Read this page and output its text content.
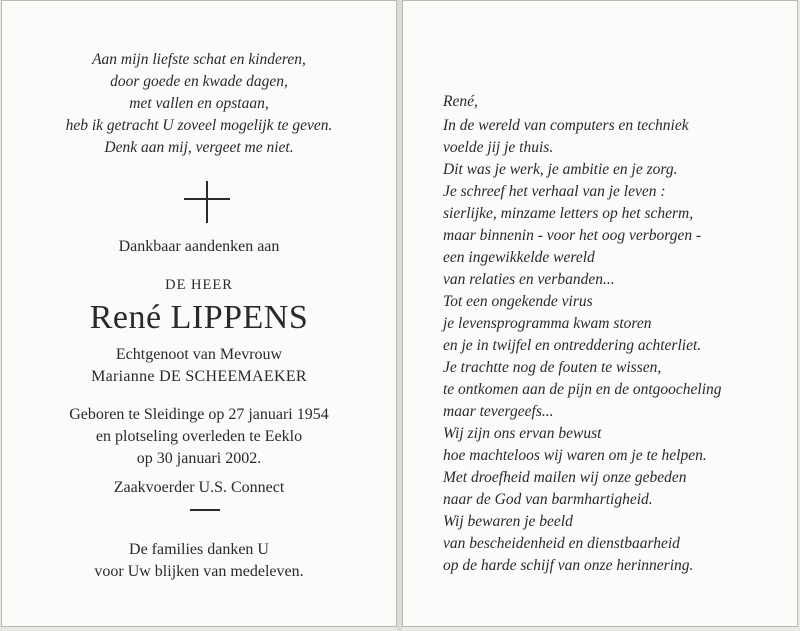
Aan mijn liefste schat en kinderen,
door goede en kwade dagen,
met vallen en opstaan,
heb ik getracht U zoveel mogelijk te geven.
Denk aan mij, vergeet me niet.
Dankbaar aandenken aan
DE HEER
René LIPPENS
Echtgenoot van Mevrouw
Marianne DE SCHEEMAEKER
Geboren te Sleidinge op 27 januari 1954
en plotseling overleden te Eeklo
op 30 januari 2002.
Zaakvoerder U.S. Connect
De families danken U
voor Uw blijken van medeleven.
René,
In de wereld van computers en techniek
voelde jij je thuis.
Dit was je werk, je ambitie en je zorg.
Je schreef het verhaal van je leven :
sierlijke, minzame letters op het scherm,
maar binnenin - voor het oog verborgen -
een ingewikkelde wereld
van relaties en verbanden...
Tot een ongekende virus
je levensprogramma kwam storen
en je in twijfel en ontreddering achterliet.
Je trachtte nog de fouten te wissen,
te ontkomen aan de pijn en de ontgoocheling
maar tevergeefs...
Wij zijn ons ervan bewust
hoe machteloos wij waren om je te helpen.
Met droefheid mailen wij onze gebeden
naar de God van barmhartigheid.
Wij bewaren je beeld
van bescheidenheid en dienstbaarheid
op de harde schijf van onze herinnering.
